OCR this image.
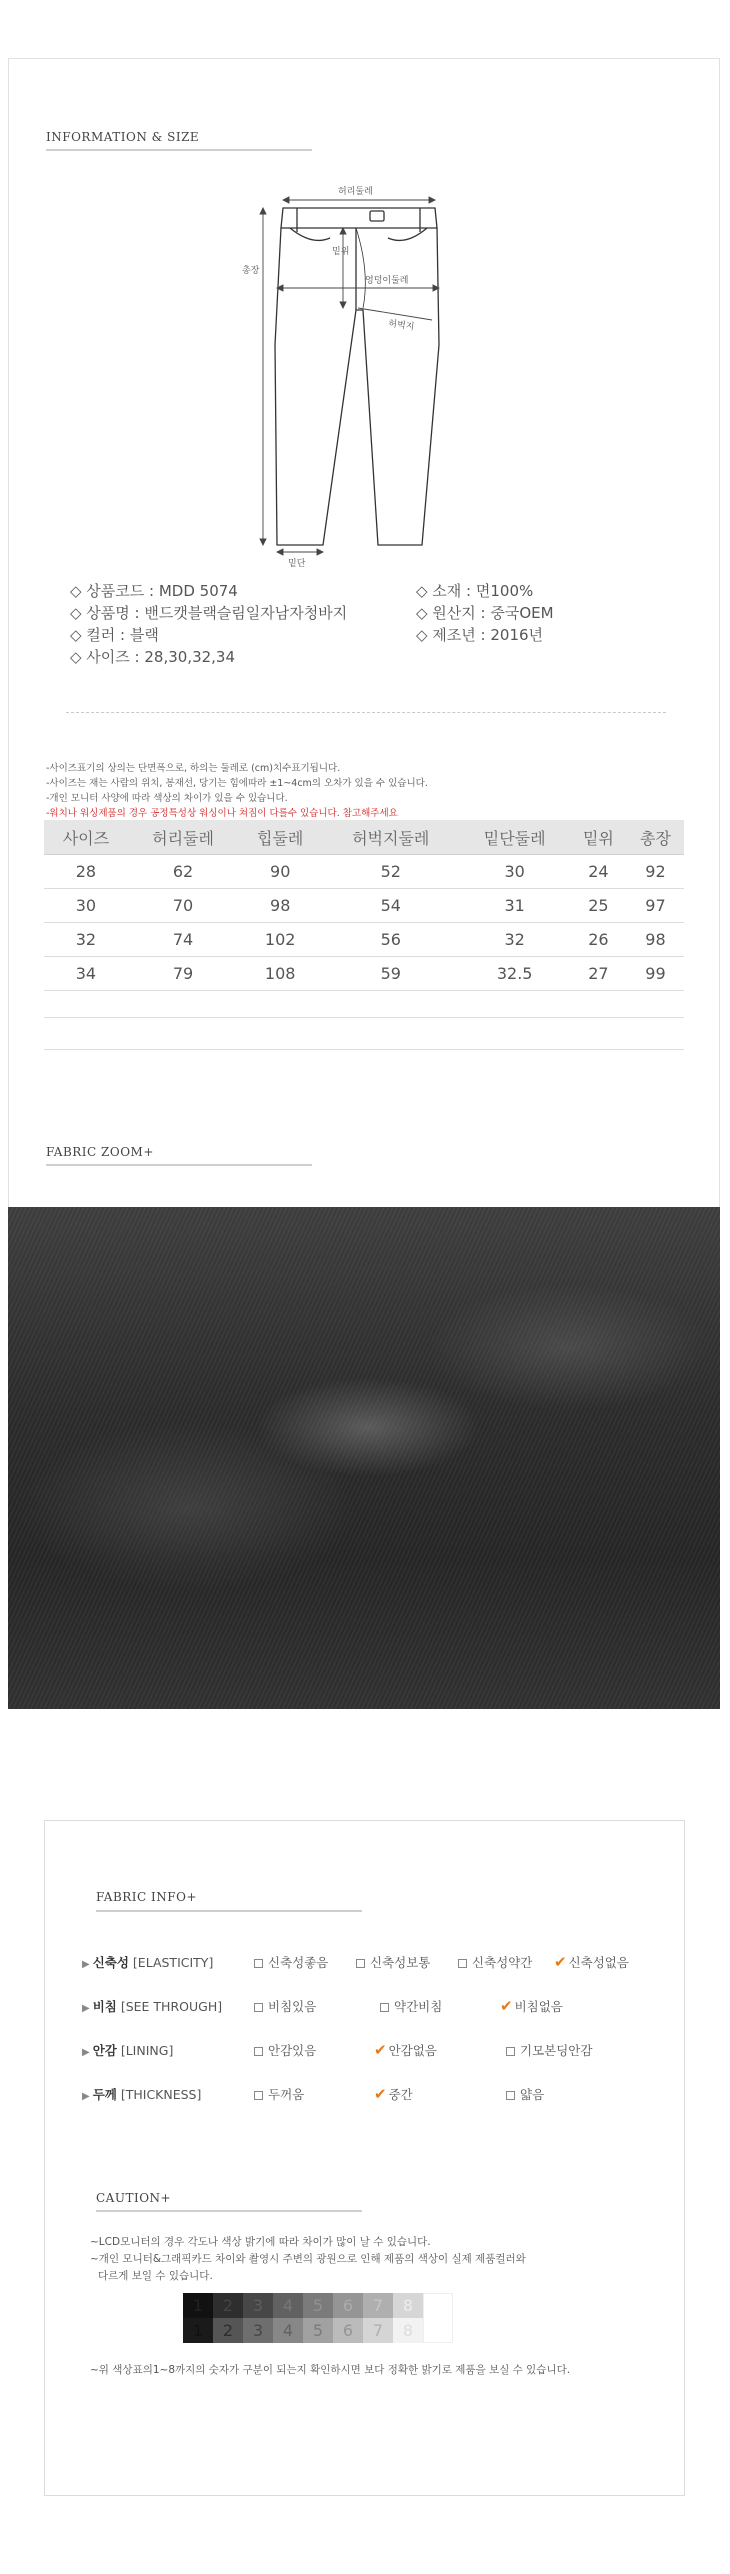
INFORMATION & SIZE
허리둘레
총장
밑위
엉덩이둘레
허벅지
밑단
◇ 상품코드 : MDD 5074
◇ 상품명 : 밴드캣블랙슬림일자남자청바지
◇ 컬러 : 블랙
◇ 사이즈 : 28,30,32,34
◇ 소재 : 면100%
◇ 원산지 : 중국OEM
◇ 제조년 : 2016년
-사이즈표기의 상의는 단면폭으로, 하의는 둘레로 (cm)치수표기됩니다.
-사이즈는 재는 사람의 위치, 봉재선, 당기는 힘에따라 ±1~4cm의 오차가 있을 수 있습니다.
-개인 모니터 사양에 따라 색상의 차이가 있을 수 있습니다.
-워치나 워싱제품의 경우 공정특성상 워싱이나 쳐짐이 다를수 있습니다. 참고해주세요
사이즈	허리둘레	힙둘레	허벅지둘레	밑단둘레	밑위	총장
28	62	90	52	30	24	92
30	70	98	54	31	25	97
32	74	102	56	32	26	98
34	79	108	59	32.5	27	99
FABRIC ZOOM+
FABRIC INFO+
▶ 신축성 [ELASTICITY]	신축성좋음	신축성보통	신축성약간 ✔ 신축성없음
▶ 비침 [SEE THROUGH]	비침있음	약간비침	✔ 비침없음
▶ 안감 [LINING]	안감있음	✔ 안감없음	기모본딩안감
▶ 두께 [THICKNESS]	두꺼움	✔ 중간	얇음
CAUTION+
~LCD모니터의 경우 각도나 색상 밝기에 따라 차이가 많이 날 수 있습니다.
~개인 모니터&그래픽카드 차이와 촬영시 주변의 광원으로 인해 제품의 색상이 실제 제품컬러와
다르게 보일 수 있습니다.
1
1
2
2
3
3
4
4
5
5
6
6
7
7
8
8
~위 색상표의1~8까지의 숫자가 구분이 되는지 확인하시면 보다 정확한 밝기로 제품을 보실 수 있습니다.
